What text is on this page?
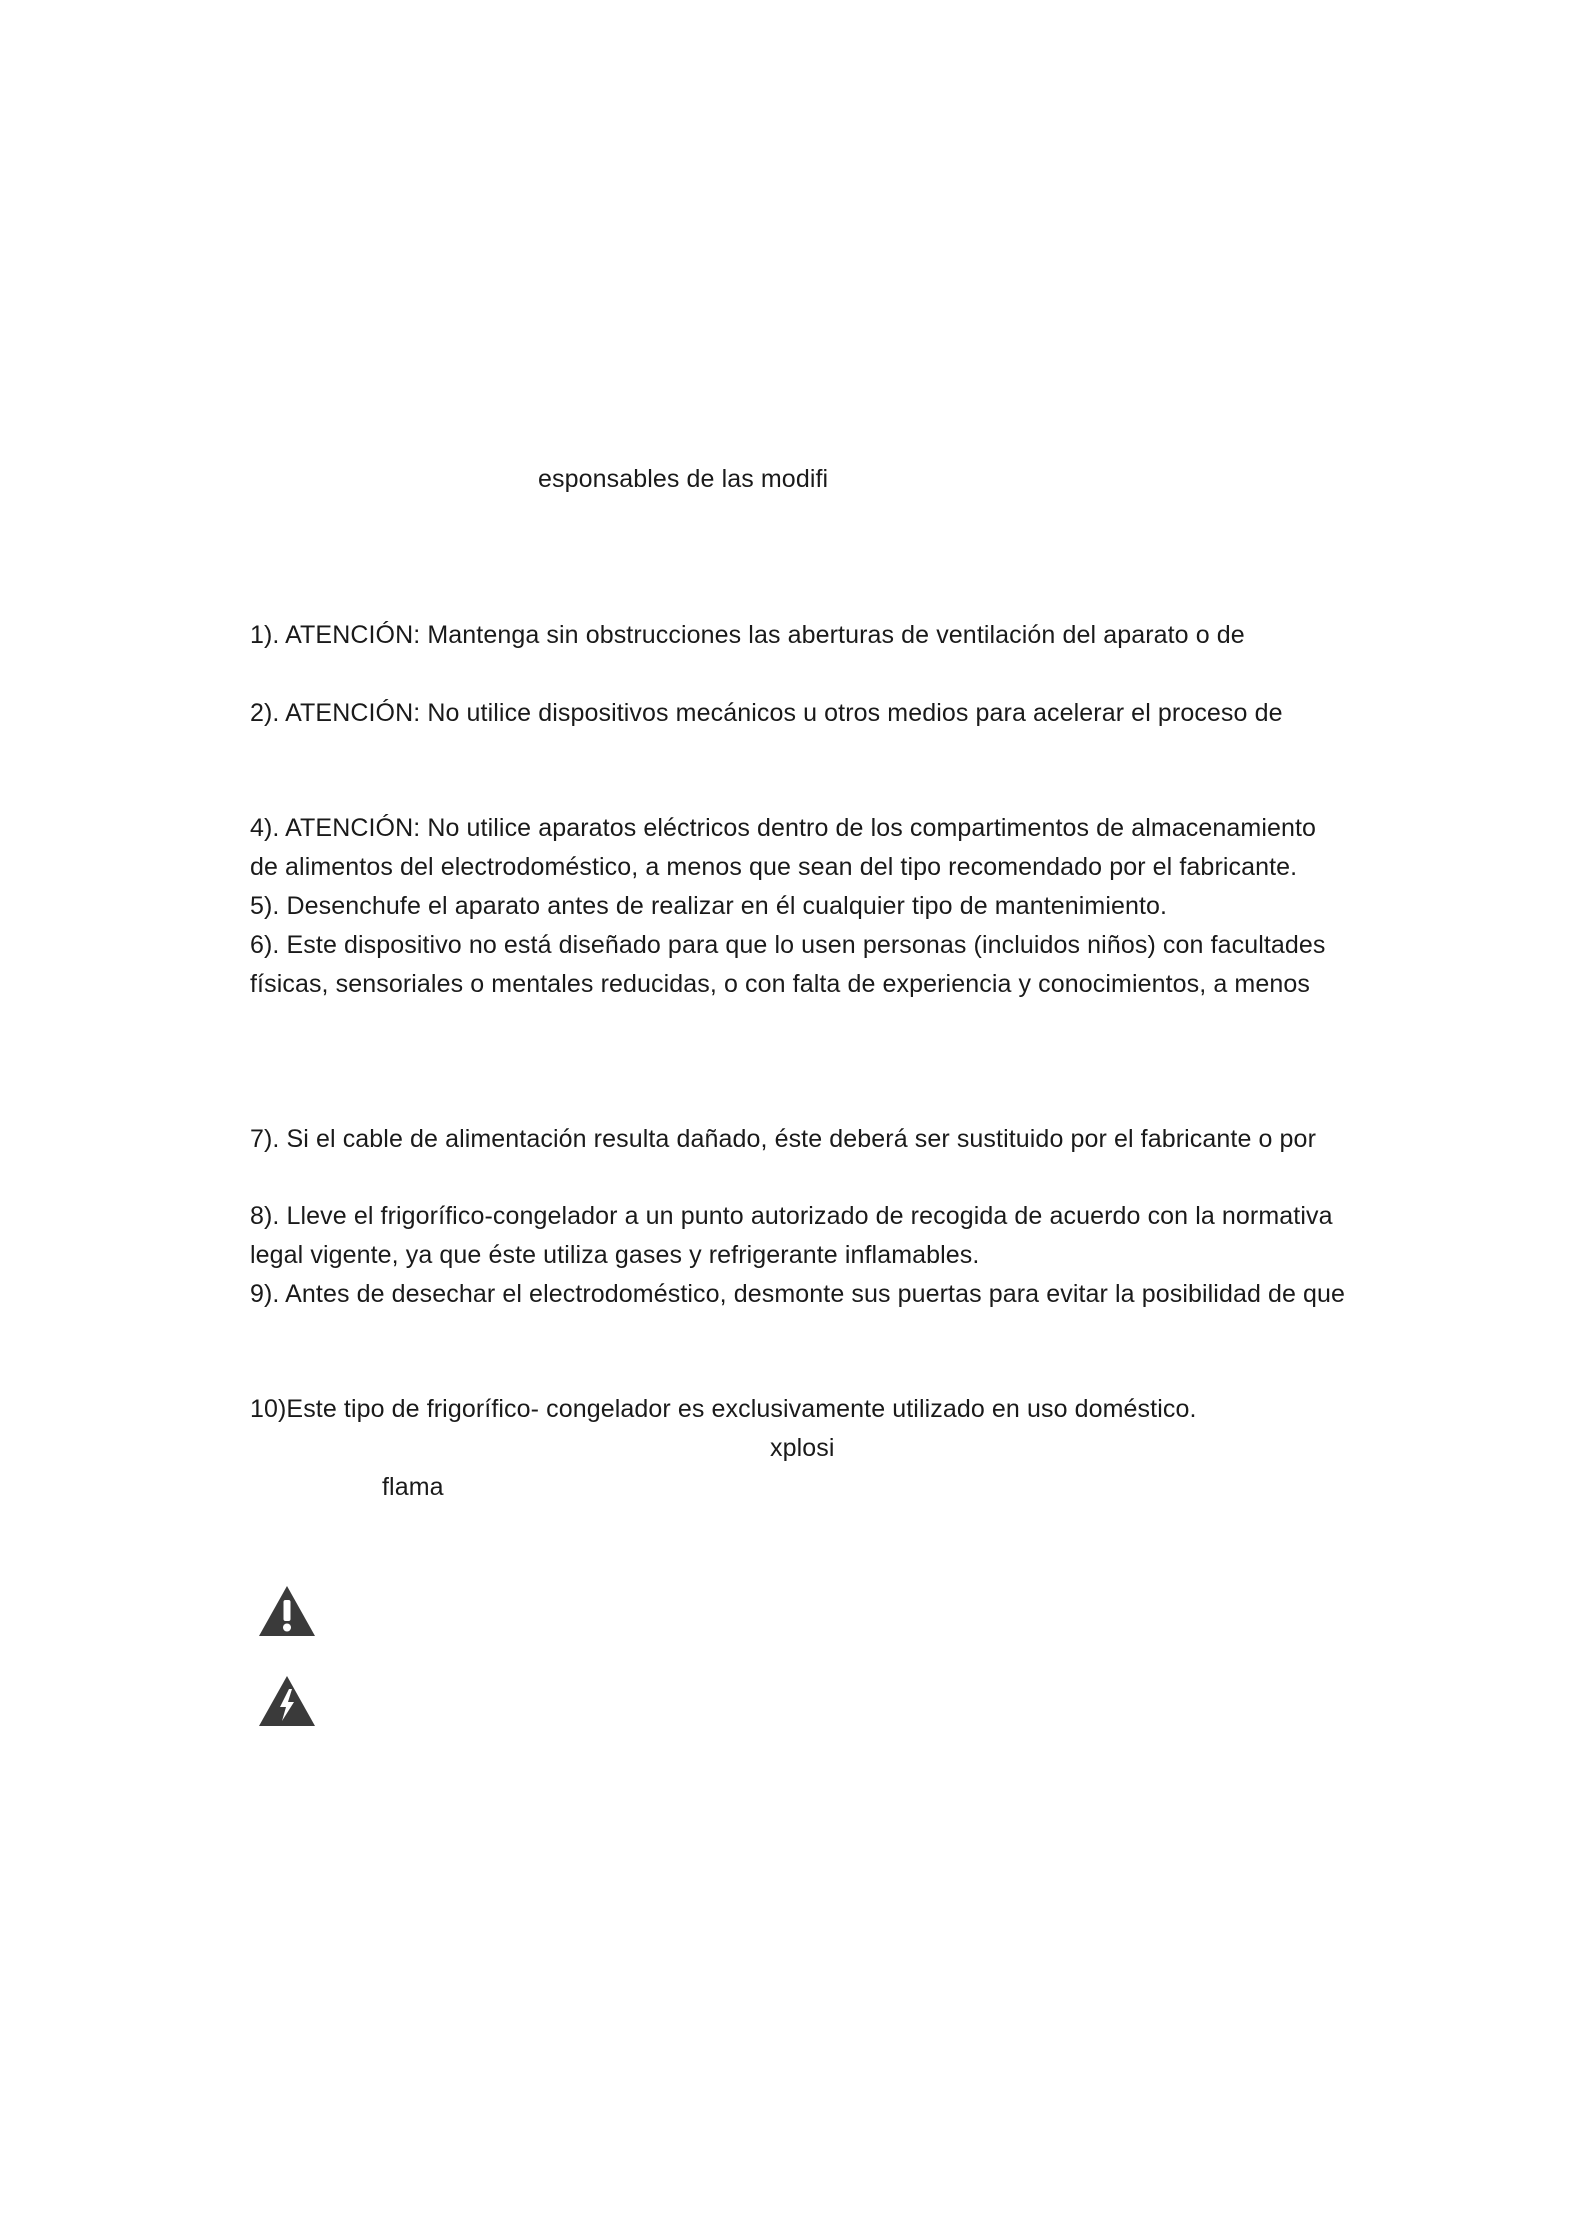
esponsables de las modifi
1). ATENCIÓN: Mantenga sin obstrucciones las aberturas de ventilación del aparato o de
2). ATENCIÓN: No utilice dispositivos mecánicos u otros medios para acelerar el proceso de
4). ATENCIÓN: No utilice aparatos eléctricos dentro de los compartimentos de almacenamiento
de alimentos del electrodoméstico, a menos que sean del tipo recomendado por el fabricante.
5). Desenchufe el aparato antes de realizar en él cualquier tipo de mantenimiento.
6). Este dispositivo no está diseñado para que lo usen personas (incluidos niños) con facultades
físicas, sensoriales o mentales reducidas, o con falta de experiencia y conocimientos, a menos
7). Si el cable de alimentación resulta dañado, éste deberá ser sustituido por el fabricante o por
8). Lleve el frigorífico-congelador a un punto autorizado de recogida de acuerdo con la normativa
legal vigente, ya que éste utiliza gases y refrigerante inflamables.
9). Antes de desechar el electrodoméstico, desmonte sus puertas para evitar la posibilidad de que
10)Este tipo de frigorífico- congelador es exclusivamente utilizado en uso doméstico.
xplosi
flama
